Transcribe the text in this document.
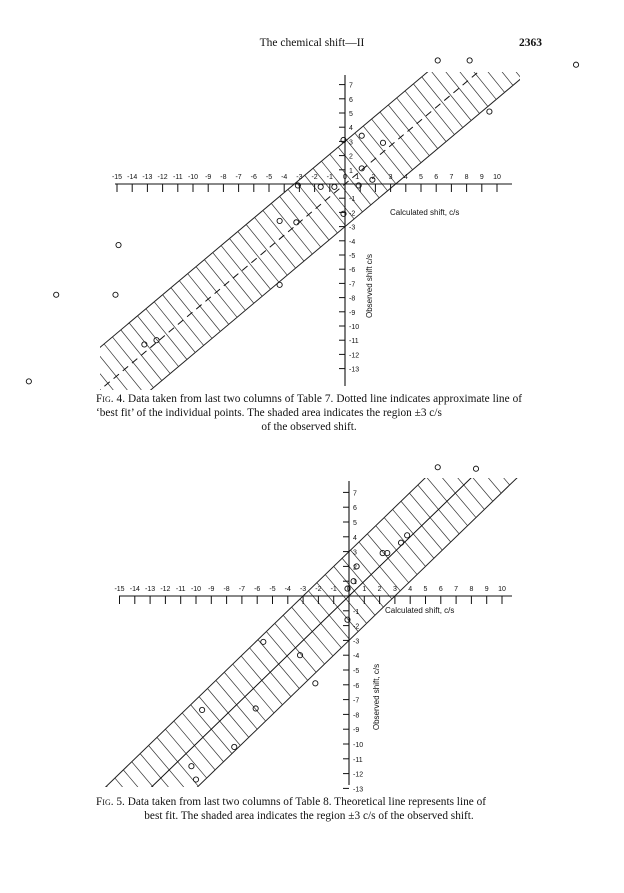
The chemical shift—II	2363
-15 -14 -13 -12 -11 -10 -9 -8 -7 -6 -5 -4 -3 -2 -1 0 1 2 3 4 5 6 7 8 9 10
7
6
5
4
3
2
1
-1
-2
-3
-4
-5
-6
-7
-8
-9
-10
-11
-12
-13
Calculated shift, c/s
Observed shift c/s
Fig. 4. Data taken from last two columns of Table 7. Dotted line indicates approximate line of ‘best fit’ of the individual points. The shaded area indicates the region ±3 c/s
of the observed shift.
-15 -14 -13 -12 -11 -10 -9 -8 -7 -6 -5 -4 -3 -2 -1 0 1 2 3 4 5 6 7 8 9 10
7
6
5
4
3
2
1
-1
-2
-3
-4
-5
-6
-7
-8
-9
-10
-11
-12
-13
Calculated shift, c/s
Observed shift, c/s
Fig. 5. Data taken from last two columns of Table 8. Theoretical line represents line of
best fit. The shaded area indicates the region ±3 c/s of the observed shift.
